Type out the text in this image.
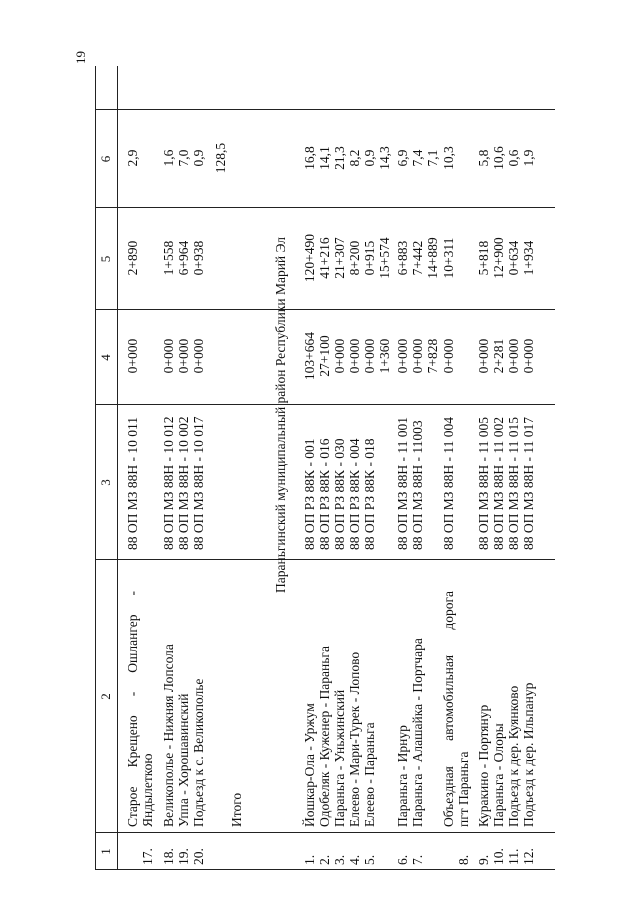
19
1
2
3
4
5
6
17.
Старое
Крещено
-
Ошлангер
-
Яндылеткою
88 ОП МЗ 88Н - 10 011
0+000
2+890
2,9
18.
Великополье - Нижняя Лопсола
88 ОП МЗ 88Н - 10 012
0+000
1+558
1,6
19.
Уппа - Хорошавинский
88 ОП МЗ 88Н - 10 002
0+000
6+964
7,0
20.
Подъезд к с. Великополье
88 ОП МЗ 88Н - 10 017
0+000
0+938
0,9
Итого
128,5
Параньгинский муниципальный район Республики Марий Эл
1.
Йошкар-Ола - Уржум
88 ОП РЗ 88К - 001
103+664
120+490
16,8
2.
Одобеляк - Куженер - Параньга
88 ОП РЗ 88К - 016
27+100
41+216
14,1
3.
Параньга - Уньжинский
88 ОП РЗ 88К - 030
0+000
21+307
21,3
4.
Елеево - Мари-Турек - Лопово
88 ОП РЗ 88К - 004
0+000
8+200
8,2
5.
Елеево - Параньга
88 ОП РЗ 88К - 018
0+000
0+915
0,9
1+360
15+574
14,3
6.
Параньга - Ирнур
88 ОП МЗ 88Н - 11 001
0+000
6+883
6,9
7.
Параньга - Алашайка - Портчара
88 ОП МЗ 88Н - 11003
0+000
7+442
7,4
7+828
14+889
7,1
8.
Объездная
автомобильная
дорога
пгт Параньга
88 ОП МЗ 88Н - 11 004
0+000
10+311
10,3
9.
Куракино - Портянур
88 ОП МЗ 88Н - 11 005
0+000
5+818
5,8
10.
Параньга - Олоры
88 ОП МЗ 88Н - 11 002
2+281
12+900
10,6
11.
Подъезд к дер. Куянково
88 ОП МЗ 88Н - 11 015
0+000
0+634
0,6
12.
Подъезд к дер. Ильпанур
88 ОП МЗ 88Н - 11 017
0+000
1+934
1,9
